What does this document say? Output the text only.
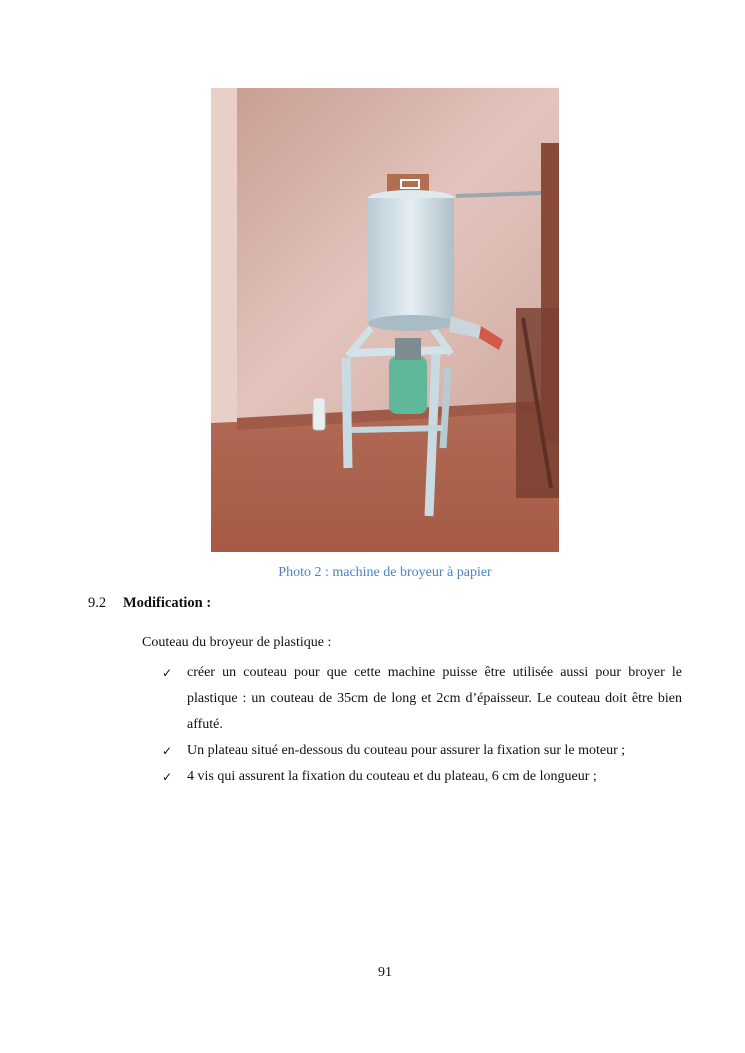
Photo 2 : machine de broyeur à papier
9.2 Modification :
Couteau du broyeur de plastique :
✓ créer un couteau pour que cette machine puisse être utilisée aussi pour broyer le plastique : un couteau de 35cm de long et 2cm d’épaisseur. Le couteau doit être bien affuté.
✓ Un plateau situé en-dessous du couteau pour assurer la fixation sur le moteur ;
✓ 4 vis qui assurent la fixation du couteau et du plateau, 6 cm de longueur ;
91
